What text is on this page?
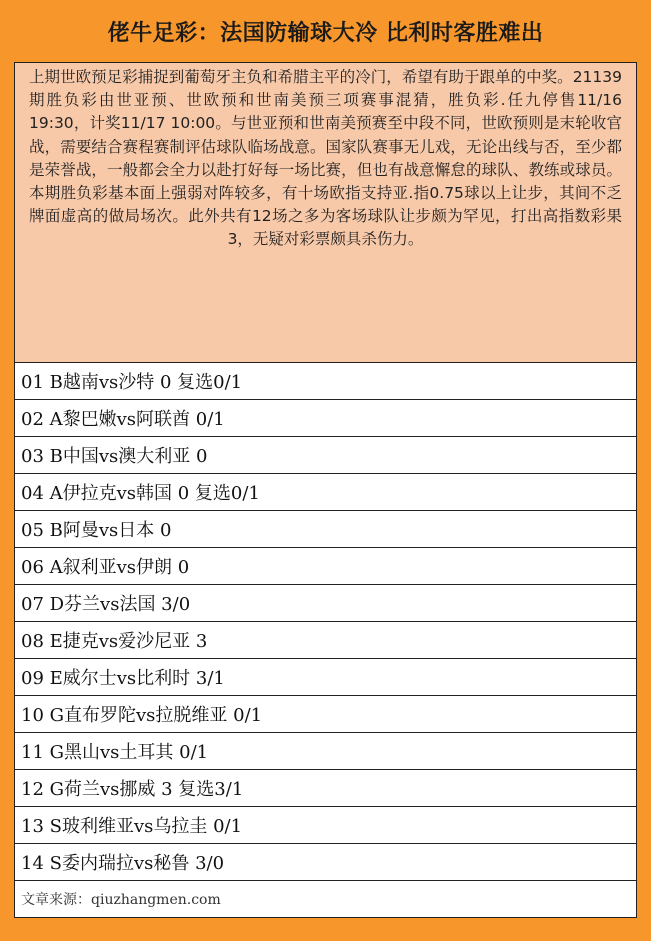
佬牛足彩：法国防输球大冷 比利时客胜难出
上期世欧预足彩捕捉到葡萄牙主负和希腊主平的冷门，希望有助于跟单的中奖。21139期胜负彩由世亚预、世欧预和世南美预三项赛事混猜，胜负彩.任九停售11/16 19:30，计奖11/17 10:00。与世亚预和世南美预赛至中段不同，世欧预则是末轮收官战，需要结合赛程赛制评估球队临场战意。国家队赛事无儿戏，无论出线与否，至少都是荣誉战，一般都会全力以赴打好每一场比赛，但也有战意懈怠的球队、教练或球员。本期胜负彩基本面上强弱对阵较多，有十场欧指支持亚.指0.75球以上让步，其间不乏牌面虚高的做局场次。此外共有12场之多为客场球队让步颇为罕见，打出高指数彩果3，无疑对彩票颇具杀伤力。
01 B越南vs沙特 0 复选0/1
02 A黎巴嫩vs阿联酋 0/1
03 B中国vs澳大利亚 0
04 A伊拉克vs韩国 0 复选0/1
05 B阿曼vs日本 0
06 A叙利亚vs伊朗 0
07 D芬兰vs法国 3/0
08 E捷克vs爱沙尼亚 3
09 E威尔士vs比利时 3/1
10 G直布罗陀vs拉脱维亚 0/1
11 G黑山vs土耳其 0/1
12 G荷兰vs挪威 3 复选3/1
13 S玻利维亚vs乌拉圭 0/1
14 S委内瑞拉vs秘鲁 3/0
文章来源：qiuzhangmen.com
